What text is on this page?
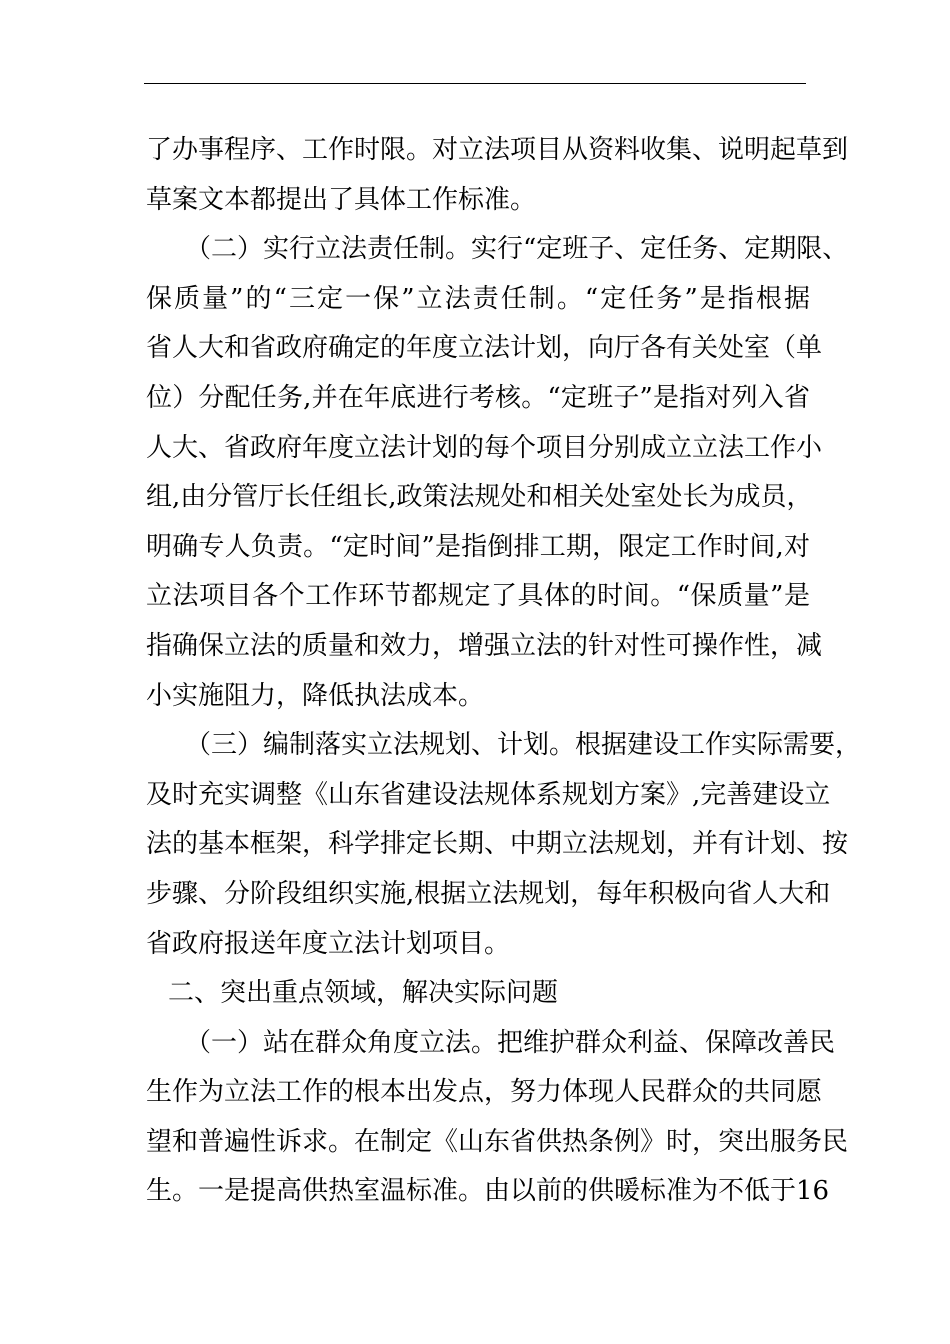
了办事程序、工作时限。对立法项目从资料收集、说明起草到
草案文本都提出了具体工作标准。
（二）实行立法责任制。实行“定班子、定任务、定期限、
保质量”的“三定一保”立法责任制。“定任务”是指根据
省人大和省政府确定的年度立法计划，向厅各有关处室（单
位）分配任务,并在年底进行考核。“定班子”是指对列入省
人大、省政府年度立法计划的每个项目分别成立立法工作小
组,由分管厅长任组长,政策法规处和相关处室处长为成员，
明确专人负责。“定时间”是指倒排工期，限定工作时间,对
立法项目各个工作环节都规定了具体的时间。“保质量”是
指确保立法的质量和效力，增强立法的针对性可操作性，减
小实施阻力，降低执法成本。
（三）编制落实立法规划、计划。根据建设工作实际需要，
及时充实调整《山东省建设法规体系规划方案》,完善建设立
法的基本框架，科学排定长期、中期立法规划，并有计划、按
步骤、分阶段组织实施,根据立法规划，每年积极向省人大和
省政府报送年度立法计划项目。
二、突出重点领域，解决实际问题
（一）站在群众角度立法。把维护群众利益、保障改善民
生作为立法工作的根本出发点，努力体现人民群众的共同愿
望和普遍性诉求。在制定《山东省供热条例》时，突出服务民
生。一是提高供热室温标准。由以前的供暖标准为不低于16
